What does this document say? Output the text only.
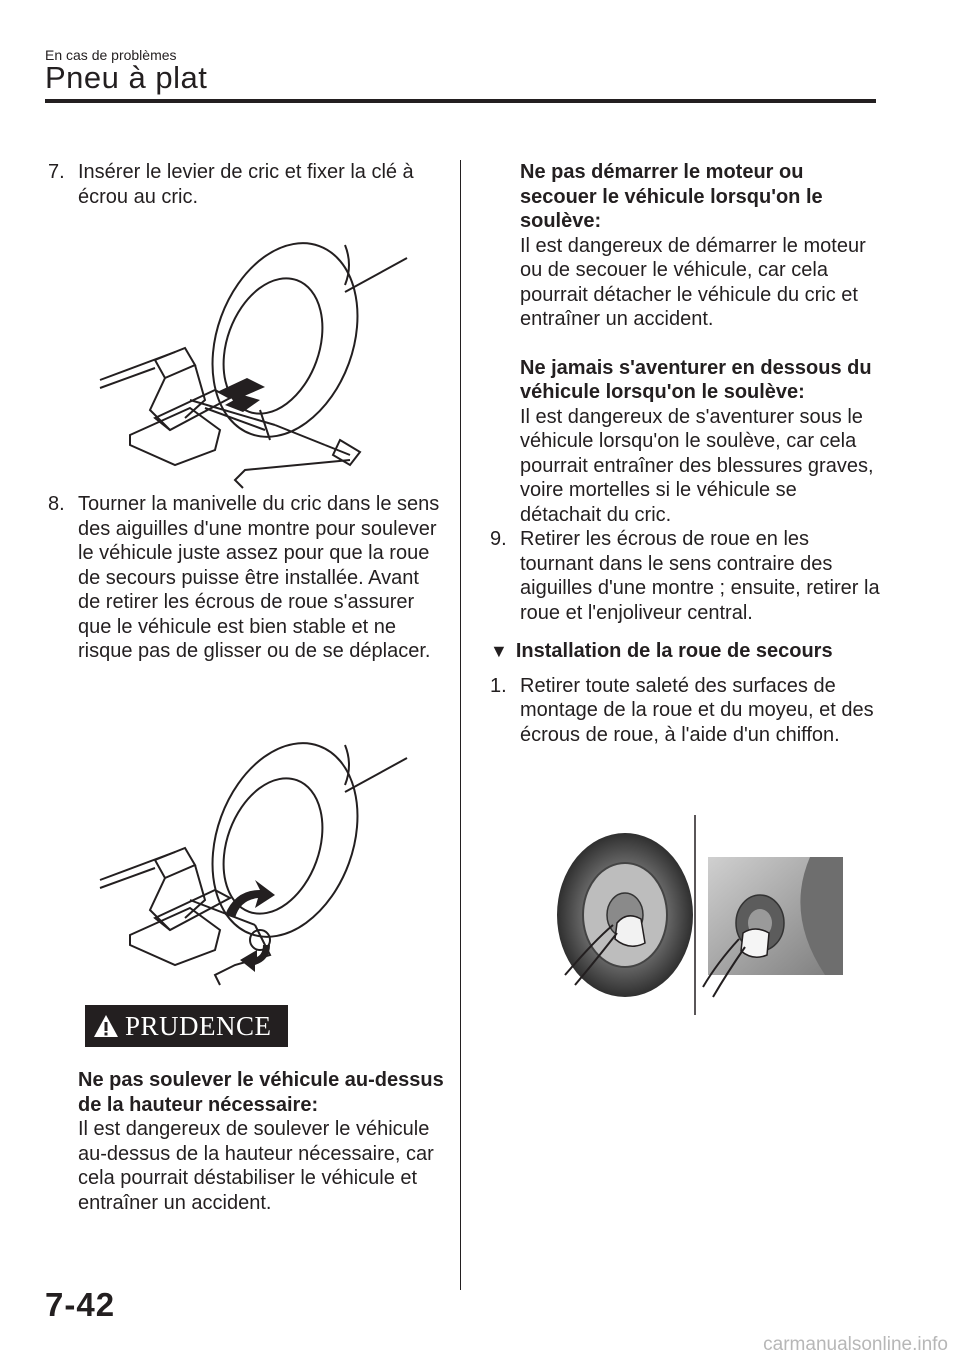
En cas de problèmes
Pneu à plat
7. Insérer le levier de cric et fixer la clé à écrou au cric.
8. Tourner la manivelle du cric dans le sens des aiguilles d'une montre pour soulever le véhicule juste assez pour que la roue de secours puisse être installée. Avant de retirer les écrous de roue s'assurer que le véhicule est bien stable et ne risque pas de glisser ou de se déplacer.
PRUDENCE
Ne pas soulever le véhicule au-dessus de la hauteur nécessaire:
Il est dangereux de soulever le véhicule au-dessus de la hauteur nécessaire, car cela pourrait déstabiliser le véhicule et entraîner un accident.
Ne pas démarrer le moteur ou secouer le véhicule lorsqu'on le soulève:
Il est dangereux de démarrer le moteur ou de secouer le véhicule, car cela pourrait détacher le véhicule du cric et entraîner un accident.
Ne jamais s'aventurer en dessous du véhicule lorsqu'on le soulève:
Il est dangereux de s'aventurer sous le véhicule lorsqu'on le soulève, car cela pourrait entraîner des blessures graves, voire mortelles si le véhicule se détachait du cric.
9. Retirer les écrous de roue en les tournant dans le sens contraire des aiguilles d'une montre ; ensuite, retirer la roue et l'enjoliveur central.
▼ Installation de la roue de secours
1. Retirer toute saleté des surfaces de montage de la roue et du moyeu, et des écrous de roue, à l'aide d'un chiffon.
7-42
carmanualsonline.info
